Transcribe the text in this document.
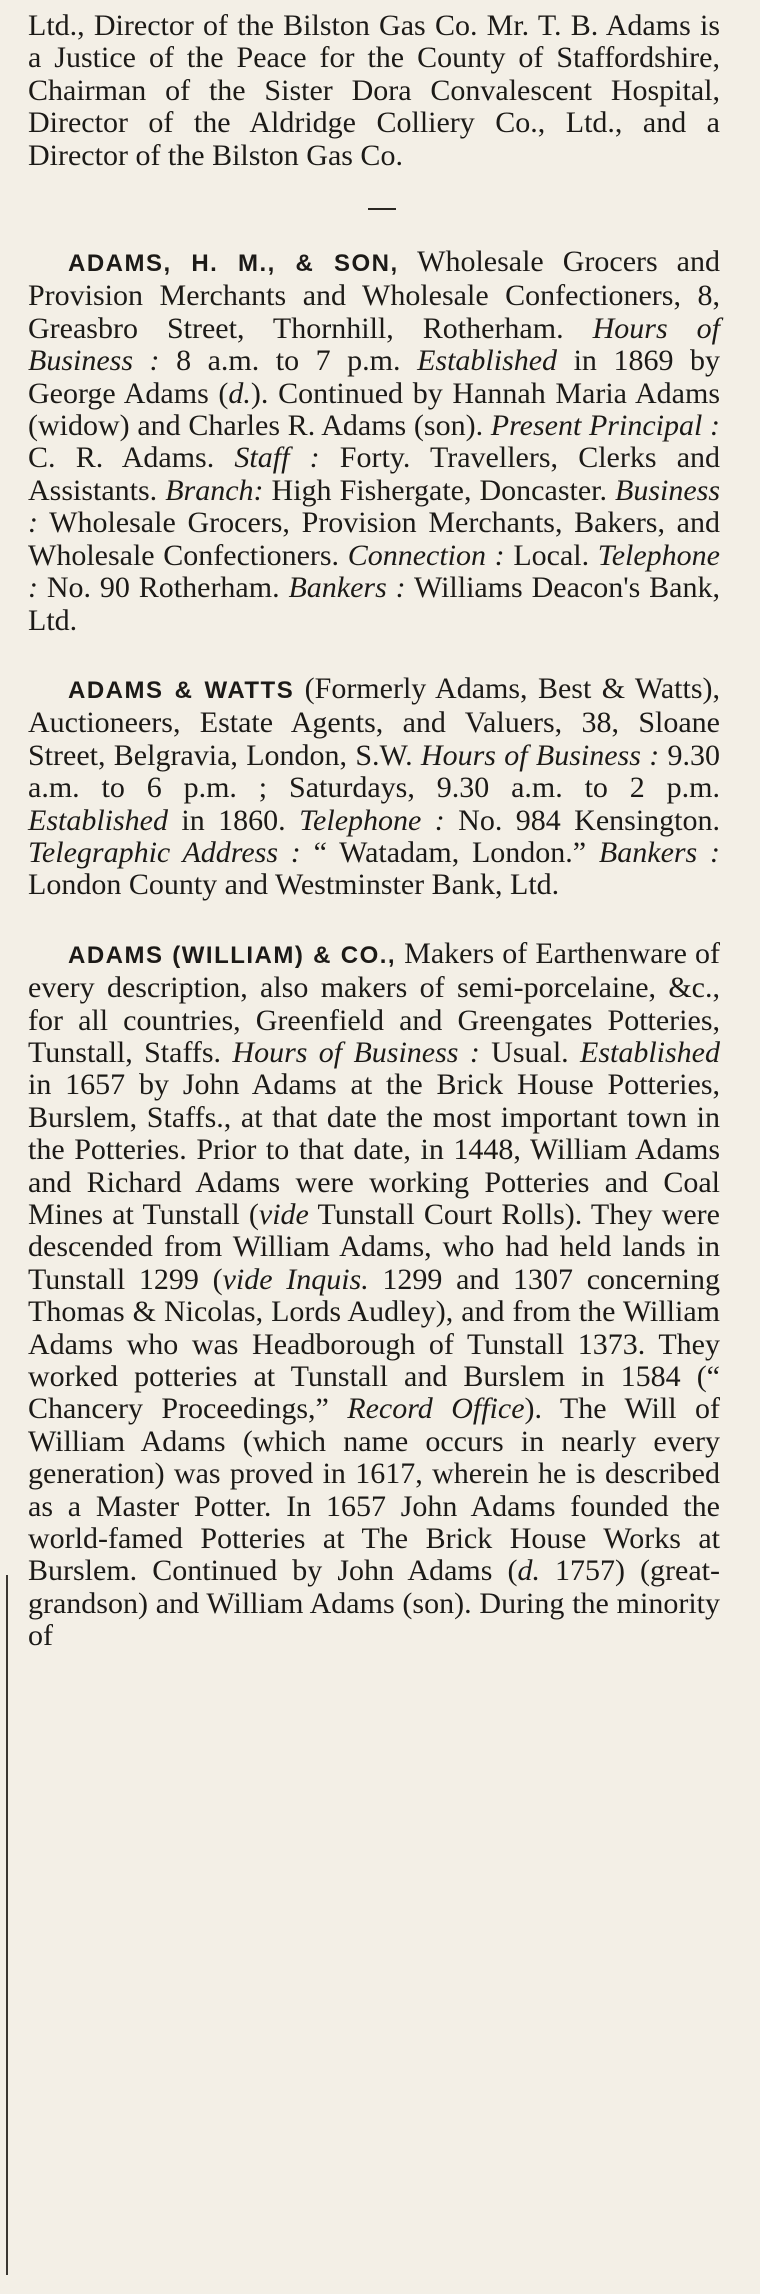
Ltd., Director of the Bilston Gas Co. Mr. T. B. Adams is a Justice of the Peace for the County of Staffordshire, Chairman of the Sister Dora Convalescent Hospital, Director of the Aldridge Colliery Co., Ltd., and a Director of the Bilston Gas Co.

ADAMS, H. M., & SON, Wholesale Grocers and Provision Merchants and Wholesale Confectioners, 8, Greasbro Street, Thornhill, Rotherham. Hours of Business : 8 a.m. to 7 p.m. Established in 1869 by George Adams (d.). Continued by Hannah Maria Adams (widow) and Charles R. Adams (son). Present Principal : C. R. Adams. Staff : Forty. Travellers, Clerks and Assistants. Branch: High Fishergate, Doncaster. Business : Wholesale Grocers, Provision Merchants, Bakers, and Wholesale Confectioners. Connection : Local. Telephone : No. 90 Rotherham. Bankers : Williams Deacon's Bank, Ltd.

ADAMS & WATTS (Formerly Adams, Best & Watts), Auctioneers, Estate Agents, and Valuers, 38, Sloane Street, Belgravia, London, S.W. Hours of Business : 9.30 a.m. to 6 p.m. ; Saturdays, 9.30 a.m. to 2 p.m. Established in 1860. Telephone : No. 984 Kensington. Telegraphic Address : “ Watadam, London.” Bankers : London County and Westminster Bank, Ltd.

ADAMS (WILLIAM) & CO., Makers of Earthenware of every description, also makers of semi-porcelaine, &c., for all countries, Greenfield and Greengates Potteries, Tunstall, Staffs. Hours of Business : Usual. Established in 1657 by John Adams at the Brick House Potteries, Burslem, Staffs., at that date the most important town in the Potteries. Prior to that date, in 1448, William Adams and Richard Adams were working Potteries and Coal Mines at Tunstall (vide Tunstall Court Rolls). They were descended from William Adams, who had held lands in Tunstall 1299 (vide Inquis. 1299 and 1307 concerning Thomas & Nicolas, Lords Audley), and from the William Adams who was Headborough of Tunstall 1373. They worked potteries at Tunstall and Burslem in 1584 (“ Chancery Proceedings,” Record Office). The Will of William Adams (which name occurs in nearly every generation) was proved in 1617, wherein he is described as a Master Potter. In 1657 John Adams founded the world-famed Potteries at The Brick House Works at Burslem. Continued by John Adams (d. 1757) (great-grandson) and William Adams (son). During the minority of
